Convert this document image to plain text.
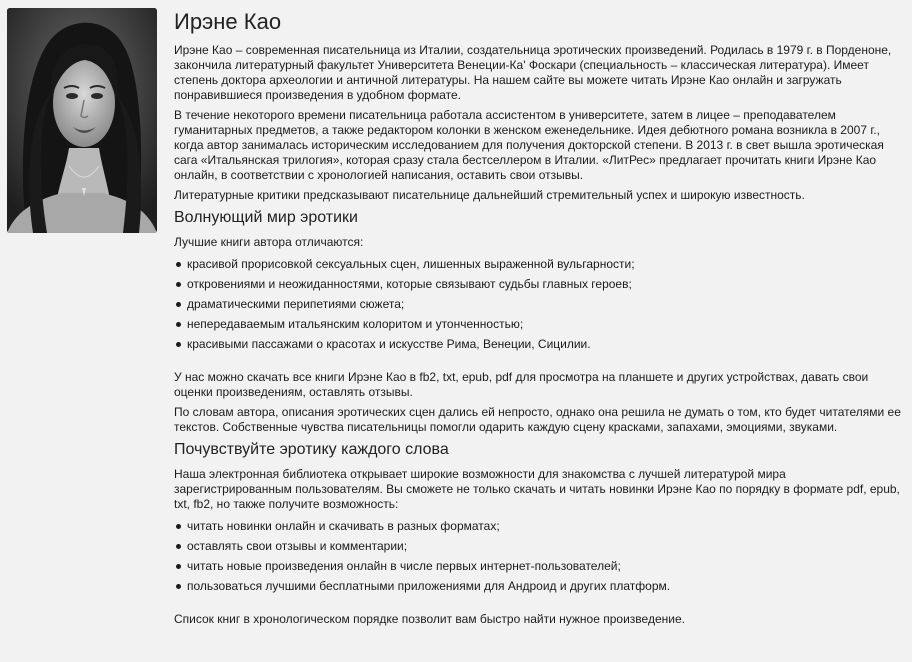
Ирэне Као

Ирэне Као – современная писательница из Италии, создательница эротических произведений. Родилась в 1979 г. в Порденоне, закончила литературный факультет Университета Венеции-Ка' Фоскари (специальность – классическая литература). Имеет степень доктора археологии и античной литературы. На нашем сайте вы можете читать Ирэне Као онлайн и загружать понравившиеся произведения в удобном формате.

В течение некоторого времени писательница работала ассистентом в университете, затем в лицее – преподавателем гуманитарных предметов, а также редактором колонки в женском еженедельнике. Идея дебютного романа возникла в 2007 г., когда автор занималась историческим исследованием для получения докторской степени. В 2013 г. в свет вышла эротическая сага «Итальянская трилогия», которая сразу стала бестселлером в Италии. «ЛитРес» предлагает прочитать книги Ирэне Као онлайн, в соответствии с хронологией написания, оставить свои отзывы.

Литературные критики предсказывают писательнице дальнейший стремительный успех и широкую известность.

Волнующий мир эротики

Лучшие книги автора отличаются:

красивой прорисовкой сексуальных сцен, лишенных выраженной вульгарности;
откровениями и неожиданностями, которые связывают судьбы главных героев;
драматическими перипетиями сюжета;
непередаваемым итальянским колоритом и утонченностью;
красивыми пассажами о красотах и искусстве Рима, Венеции, Сицилии.

У нас можно скачать все книги Ирэне Као в fb2, txt, epub, pdf для просмотра на планшете и других устройствах, давать свои оценки произведениям, оставлять отзывы.

По словам автора, описания эротических сцен дались ей непросто, однако она решила не думать о том, кто будет читателями ее текстов. Собственные чувства писательницы помогли одарить каждую сцену красками, запахами, эмоциями, звуками.

Почувствуйте эротику каждого слова

Наша электронная библиотека открывает широкие возможности для знакомства с лучшей литературой мира зарегистрированным пользователям. Вы сможете не только скачать и читать новинки Ирэне Као по порядку в формате pdf, epub, txt, fb2, но также получите возможность:

читать новинки онлайн и скачивать в разных форматах;
оставлять свои отзывы и комментарии;
читать новые произведения онлайн в числе первых интернет-пользователей;
пользоваться лучшими бесплатными приложениями для Андроид и других платформ.

Список книг в хронологическом порядке позволит вам быстро найти нужное произведение.
